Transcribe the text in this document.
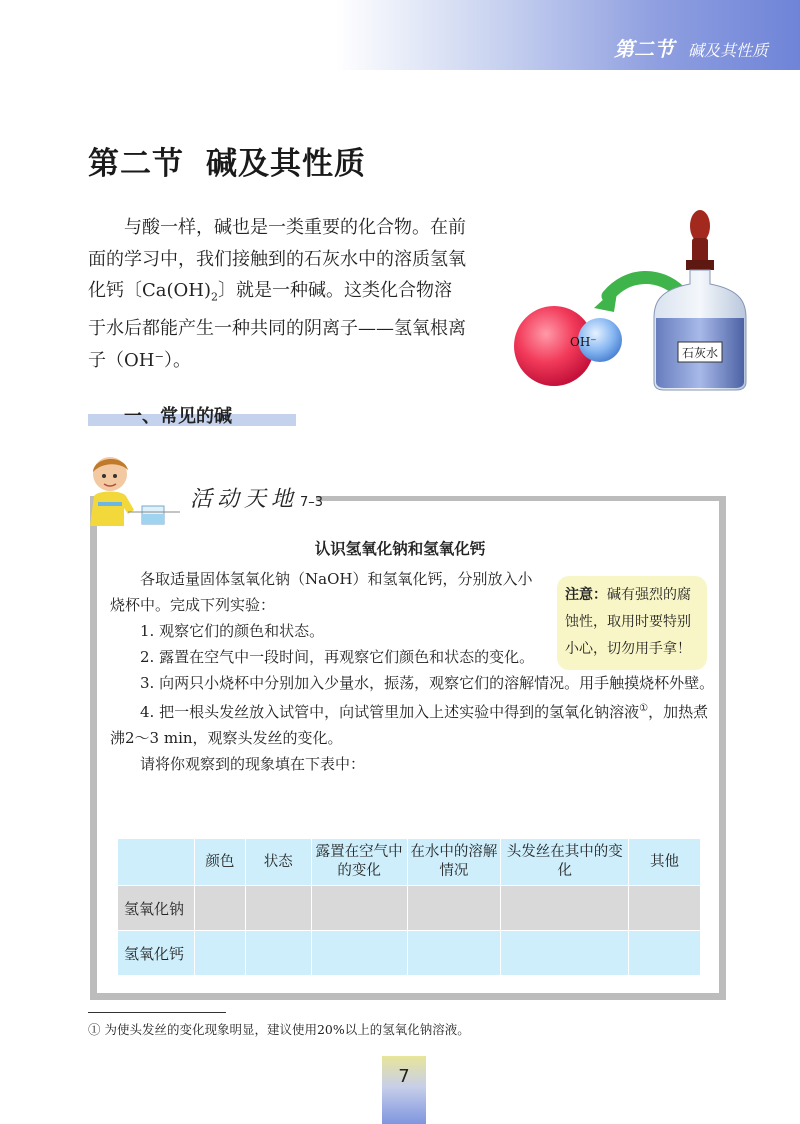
第二节 碱及其性质
第二节 碱及其性质

与酸一样，碱也是一类重要的化合物。在前面的学习中，我们接触到的石灰水中的溶质氢氧化钙〔$Ca(OH)_2$〕就是一种碱。这类化合物溶于水后都能产生一种共同的阴离子——氢氧根离子（OH⁻）。

OH⁻
石灰水
一、常见的碱
活动天地 7–3
认识氢氧化钠和氢氧化钙

各取适量固体氢氧化钠（NaOH）和氢氧化钙，分别放入小烧杯中。完成下列实验：

1. 观察它们的颜色和状态。

2. 露置在空气中一段时间，再观察它们颜色和状态的变化。

3. 向两只小烧杯中分别加入少量水，振荡，观察它们的溶解情况。用手触摸烧杯外壁。

4. 把一根头发丝放入试管中，向试管里加入上述实验中得到的氢氧化钠溶液①，加热煮沸2～3 min，观察头发丝的变化。

请将你观察到的现象填在下表中：

注意：碱有强烈的腐蚀性，取用时要特别小心，切勿用手拿！
	颜色	状态	露置在空气中的变化	在水中的溶解情况	头发丝在其中的变化	其他
氢氧化钠						
氢氧化钙						
① 为使头发丝的变化现象明显，建议使用20%以上的氢氧化钠溶液。
7
